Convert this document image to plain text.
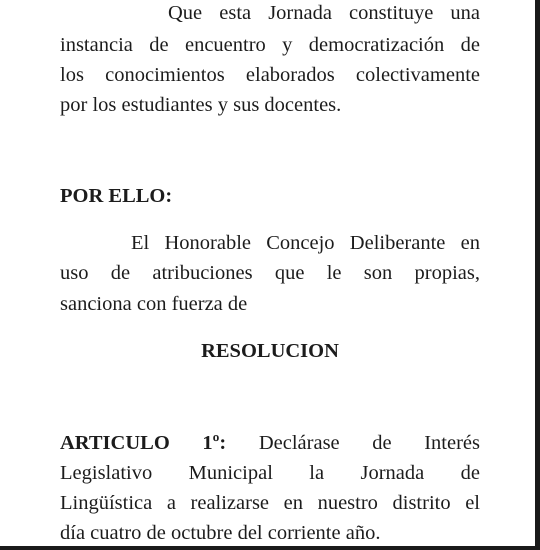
Que esta Jornada constituye una
instancia de encuentro y democratización de
los conocimientos elaborados colectivamente
por los estudiantes y sus docentes.
POR ELLO:
El Honorable Concejo Deliberante en
uso de atribuciones que le son propias,
sanciona con fuerza de
RESOLUCION
ARTICULO 1º: Declárase de Interés
Legislativo Municipal la Jornada de
Lingüística a realizarse en nuestro distrito el
día cuatro de octubre del corriente año.
